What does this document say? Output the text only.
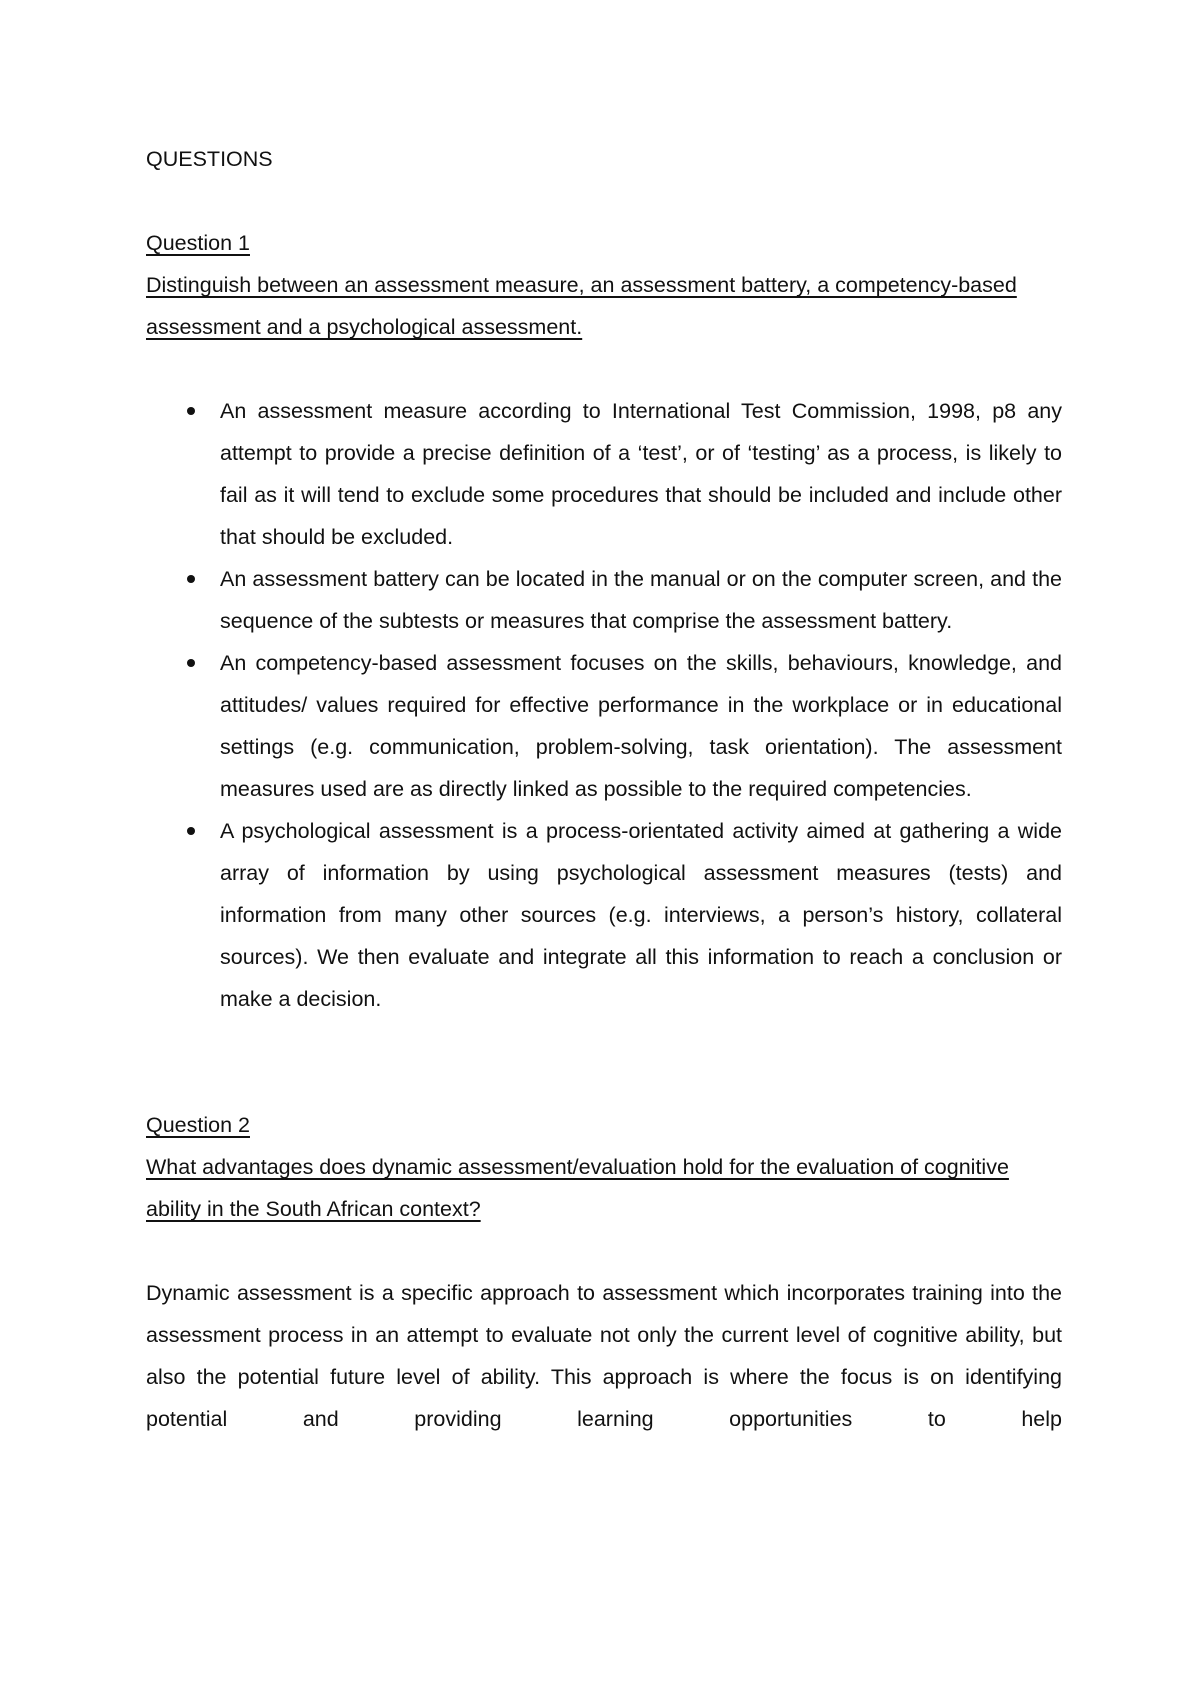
QUESTIONS

Question 1

Distinguish between an assessment measure, an assessment battery, a competency-based assessment and a psychological assessment.

An assessment measure according to International Test Commission, 1998, p8 any attempt to provide a precise definition of a ‘test’, or of ‘testing’ as a process, is likely to fail as it will tend to exclude some procedures that should be included and include other that should be excluded.
An assessment battery can be located in the manual or on the computer screen, and the sequence of the subtests or measures that comprise the assessment battery.
An competency-based assessment focuses on the skills, behaviours, knowledge, and attitudes/ values required for effective performance in the workplace or in educational settings (e.g. communication, problem-solving, task orientation). The assessment measures used are as directly linked as possible to the required competencies.
A psychological assessment is a process-orientated activity aimed at gathering a wide array of information by using psychological assessment measures (tests) and information from many other sources (e.g. interviews, a person’s history, collateral sources). We then evaluate and integrate all this information to reach a conclusion or make a decision.

Question 2

What advantages does dynamic assessment/evaluation hold for the evaluation of cognitive ability in the South African context?

Dynamic assessment is a specific approach to assessment which incorporates training into the assessment process in an attempt to evaluate not only the current level of cognitive ability, but also the potential future level of ability. This approach is where the focus is on identifying potential and providing learning opportunities to help
